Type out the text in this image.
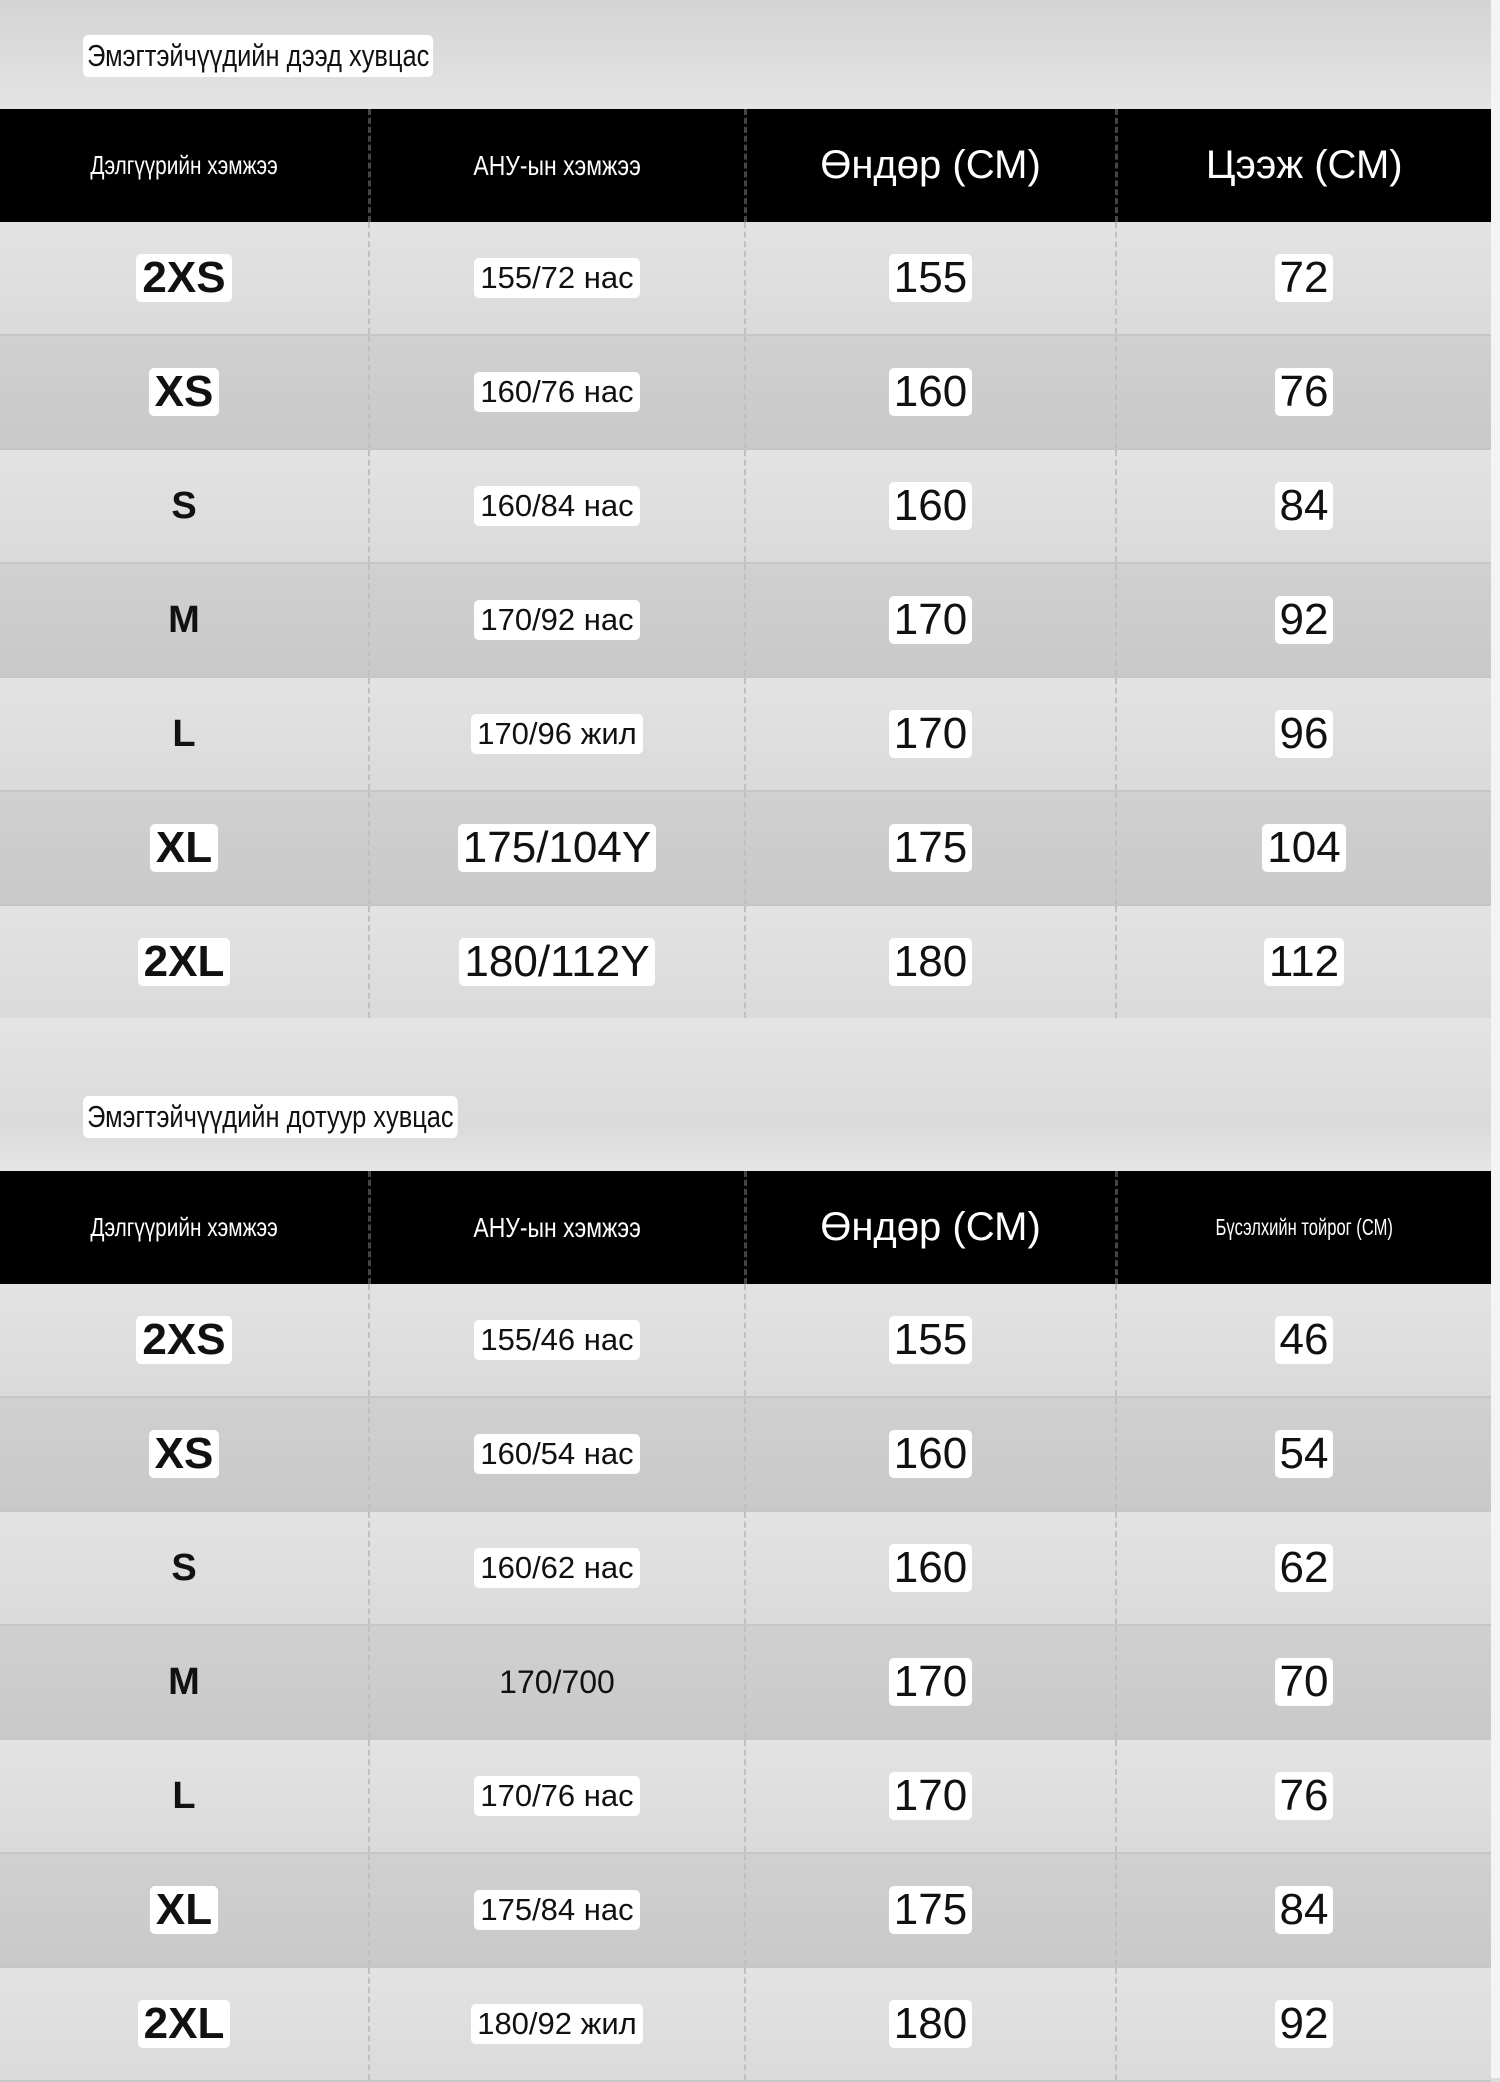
Эмэгтэйчүүдийн дээд хувцас
Дэлгүүрийн хэмжээ	АНУ-ын хэмжээ	Өндөр (СМ)	Цээж (СМ)
2XS	155/72 нас	155	72
XS	160/76 нас	160	76
S	160/84 нас	160	84
M	170/92 нас	170	92
L	170/96 жил	170	96
XL	175/104Y	175	104
2XL	180/112Y	180	112
Эмэгтэйчүүдийн дотуур хувцас
Дэлгүүрийн хэмжээ	АНУ-ын хэмжээ	Өндөр (СМ)	Бүсэлхийн тойрог (СМ)
2XS	155/46 нас	155	46
XS	160/54 нас	160	54
S	160/62 нас	160	62
M	170/700	170	70
L	170/76 нас	170	76
XL	175/84 нас	175	84
2XL	180/92 жил	180	92
